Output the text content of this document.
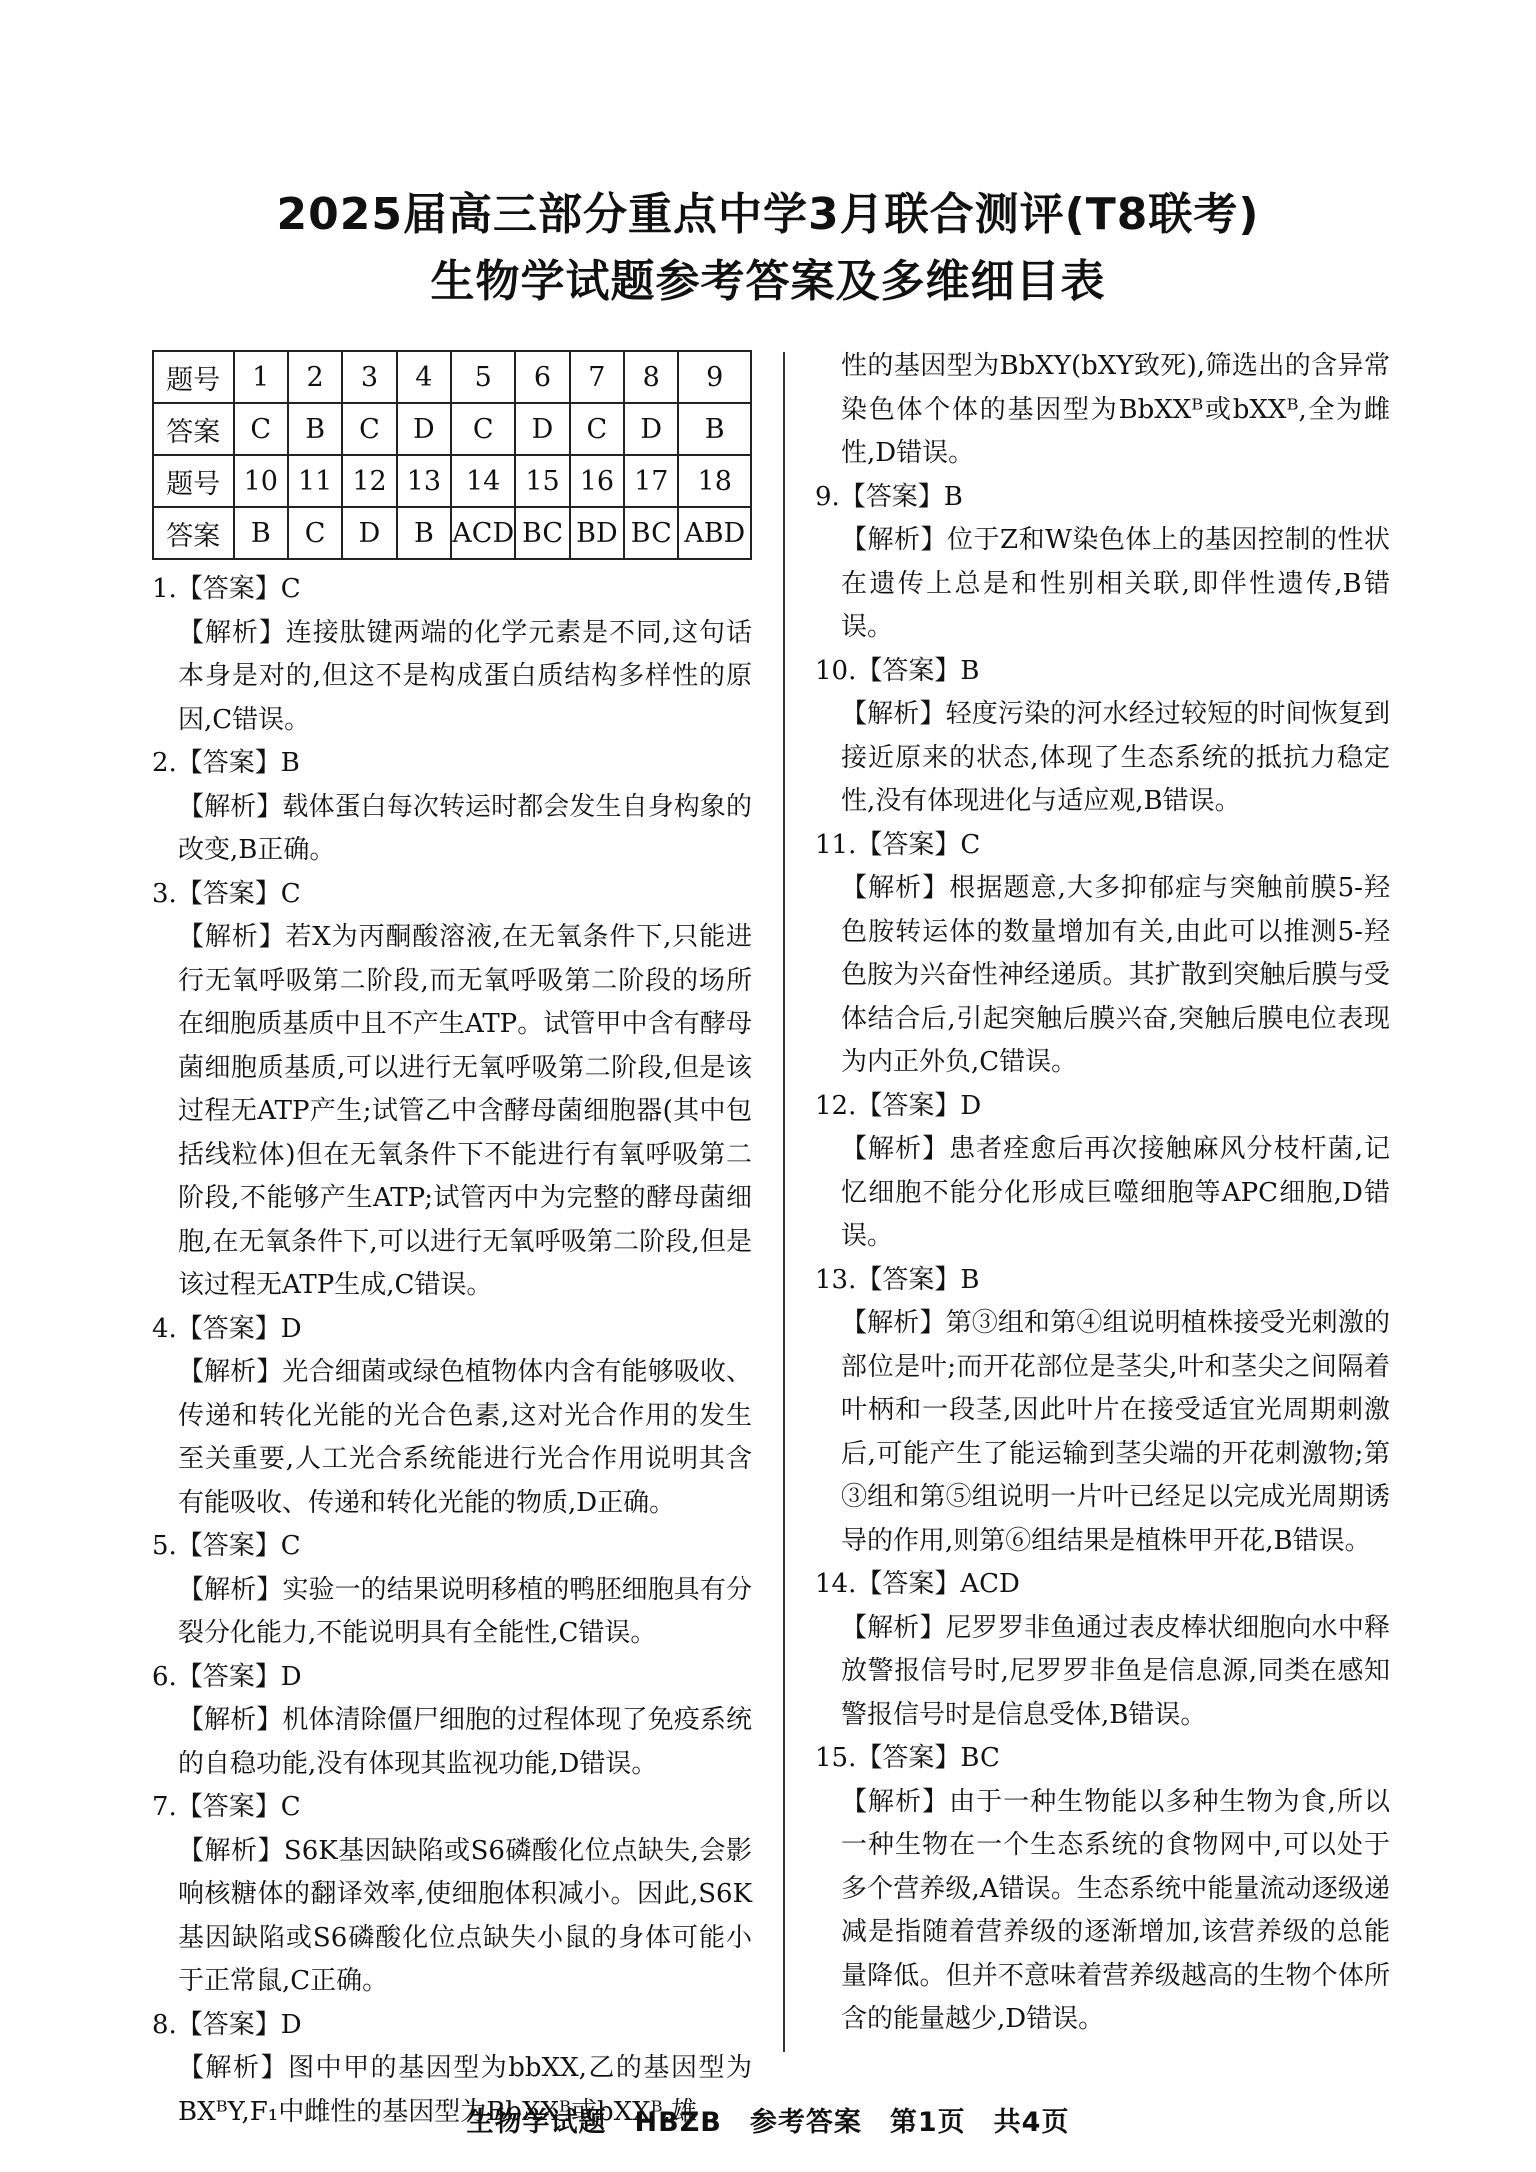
2025届高三部分重点中学3月联合测评(T8联考)
生物学试题参考答案及多维细目表
题号	1	2	3	4	5	6	7	8	9
答案	C	B	C	D	C	D	C	D	B
题号	10	11	12	13	14	15	16	17	18
答案	B	C	D	B	ACD	BC	BD	BC	ABD
1.【答案】C
【解析】连接肽键两端的化学元素是不同,这句话本身是对的,但这不是构成蛋白质结构多样性的原因,C错误。
2.【答案】B
【解析】载体蛋白每次转运时都会发生自身构象的改变,B正确。
3.【答案】C
【解析】若X为丙酮酸溶液,在无氧条件下,只能进行无氧呼吸第二阶段,而无氧呼吸第二阶段的场所在细胞质基质中且不产生ATP。试管甲中含有酵母菌细胞质基质,可以进行无氧呼吸第二阶段,但是该过程无ATP产生;试管乙中含酵母菌细胞器(其中包括线粒体)但在无氧条件下不能进行有氧呼吸第二阶段,不能够产生ATP;试管丙中为完整的酵母菌细胞,在无氧条件下,可以进行无氧呼吸第二阶段,但是该过程无ATP生成,C错误。
4.【答案】D
【解析】光合细菌或绿色植物体内含有能够吸收、传递和转化光能的光合色素,这对光合作用的发生至关重要,人工光合系统能进行光合作用说明其含有能吸收、传递和转化光能的物质,D正确。
5.【答案】C
【解析】实验一的结果说明移植的鸭胚细胞具有分裂分化能力,不能说明具有全能性,C错误。
6.【答案】D
【解析】机体清除僵尸细胞的过程体现了免疫系统的自稳功能,没有体现其监视功能,D错误。
7.【答案】C
【解析】S6K基因缺陷或S6磷酸化位点缺失,会影响核糖体的翻译效率,使细胞体积减小。因此,S6K基因缺陷或S6磷酸化位点缺失小鼠的身体可能小于正常鼠,C正确。
8.【答案】D
【解析】图中甲的基因型为bbXX,乙的基因型为BXᴮY,F₁中雌性的基因型为BbXXᴮ或bXXᴮ,雄
性的基因型为BbXY(bXY致死),筛选出的含异常染色体个体的基因型为BbXXᴮ或bXXᴮ,全为雌性,D错误。
9.【答案】B
【解析】位于Z和W染色体上的基因控制的性状在遗传上总是和性别相关联,即伴性遗传,B错误。
10.【答案】B
【解析】轻度污染的河水经过较短的时间恢复到接近原来的状态,体现了生态系统的抵抗力稳定性,没有体现进化与适应观,B错误。
11.【答案】C
【解析】根据题意,大多抑郁症与突触前膜5-羟色胺转运体的数量增加有关,由此可以推测5-羟色胺为兴奋性神经递质。其扩散到突触后膜与受体结合后,引起突触后膜兴奋,突触后膜电位表现为内正外负,C错误。
12.【答案】D
【解析】患者痊愈后再次接触麻风分枝杆菌,记忆细胞不能分化形成巨噬细胞等APC细胞,D错误。
13.【答案】B
【解析】第③组和第④组说明植株接受光刺激的部位是叶;而开花部位是茎尖,叶和茎尖之间隔着叶柄和一段茎,因此叶片在接受适宜光周期刺激后,可能产生了能运输到茎尖端的开花刺激物;第③组和第⑤组说明一片叶已经足以完成光周期诱导的作用,则第⑥组结果是植株甲开花,B错误。
14.【答案】ACD
【解析】尼罗罗非鱼通过表皮棒状细胞向水中释放警报信号时,尼罗罗非鱼是信息源,同类在感知警报信号时是信息受体,B错误。
15.【答案】BC
【解析】由于一种生物能以多种生物为食,所以一种生物在一个生态系统的食物网中,可以处于多个营养级,A错误。生态系统中能量流动逐级递减是指随着营养级的逐渐增加,该营养级的总能量降低。但并不意味着营养级越高的生物个体所含的能量越少,D错误。
生物学试题　HBZB　参考答案　第1页　共4页
